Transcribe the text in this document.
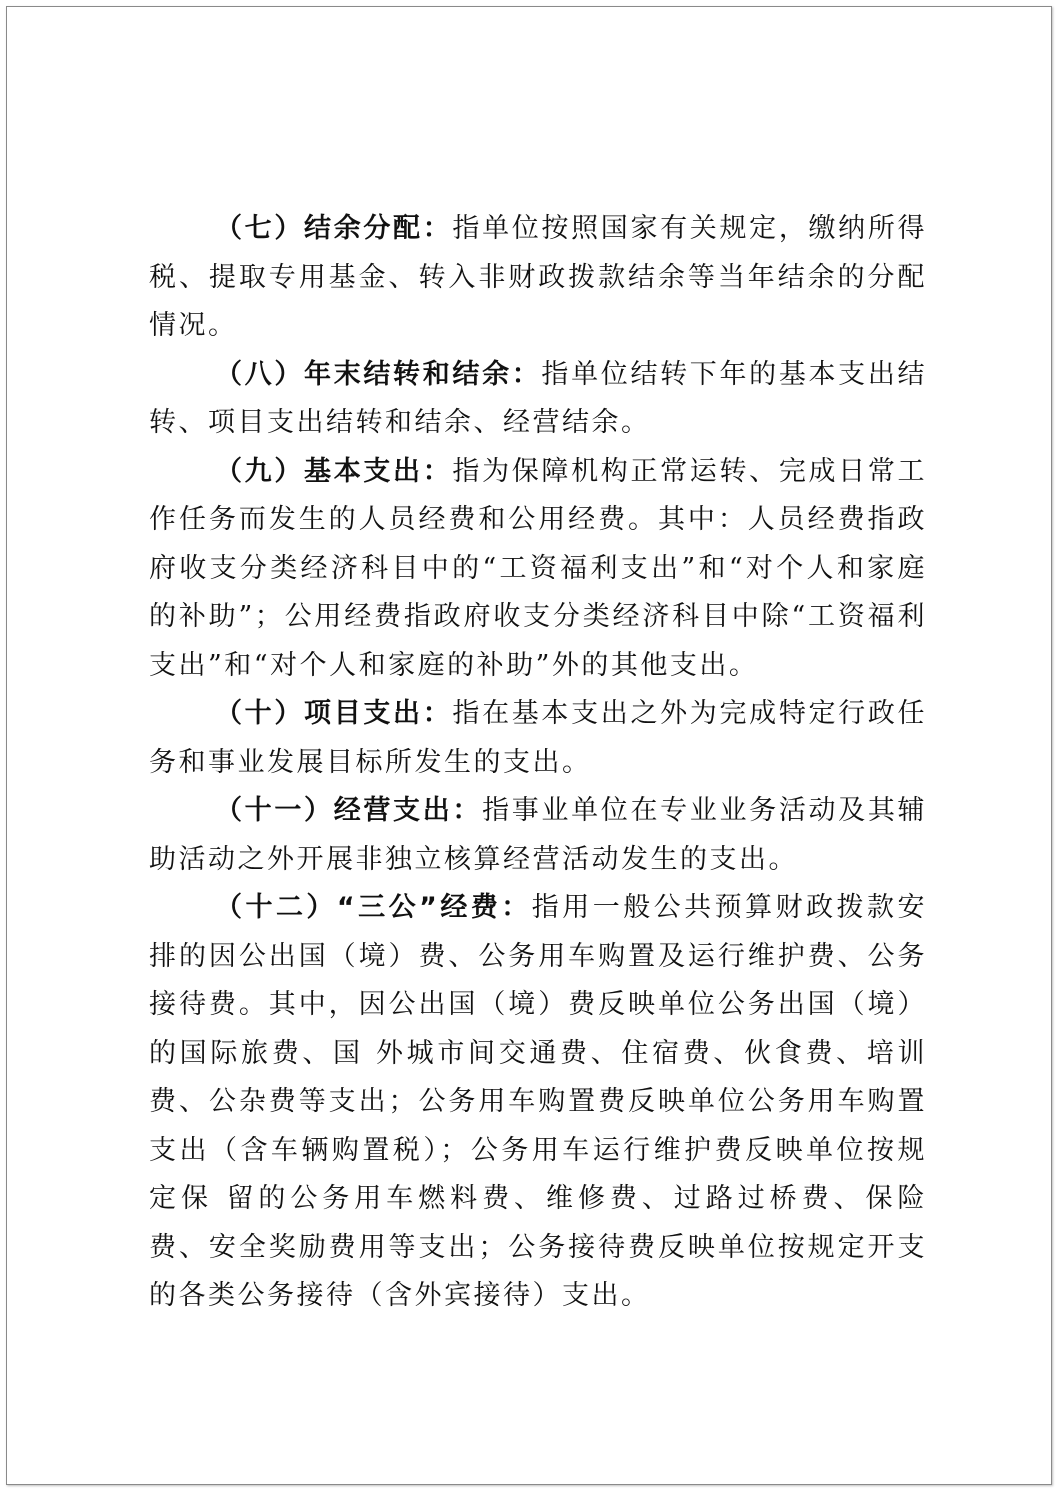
（七）结余分配：指单位按照国家有关规定，缴纳所得税、提取专用基金、转入非财政拨款结余等当年结余的分配情况。

（八）年末结转和结余：指单位结转下年的基本支出结转、项目支出结转和结余、经营结余。

（九）基本支出：指为保障机构正常运转、完成日常工作任务而发生的人员经费和公用经费。其中：人员经费指政府收支分类经济科目中的“工资福利支出”和“对个人和家庭的补助”；公用经费指政府收支分类经济科目中除“工资福利支出”和“对个人和家庭的补助”外的其他支出。

（十）项目支出：指在基本支出之外为完成特定行政任务和事业发展目标所发生的支出。

（十一）经营支出：指事业单位在专业业务活动及其辅助活动之外开展非独立核算经营活动发生的支出。

（十二）“三公”经费：指用一般公共预算财政拨款安排的因公出国（境）费、公务用车购置及运行维护费、公务接待费。其中，因公出国（境）费反映单位公务出国（境）的国际旅费、国 外城市间交通费、住宿费、伙食费、培训费、公杂费等支出；公务用车购置费反映单位公务用车购置支出（含车辆购置税）；公务用车运行维护费反映单位按规定保 留的公务用车燃料费、维修费、过路过桥费、保险费、安全奖励费用等支出；公务接待费反映单位按规定开支的各类公务接待（含外宾接待）支出。
